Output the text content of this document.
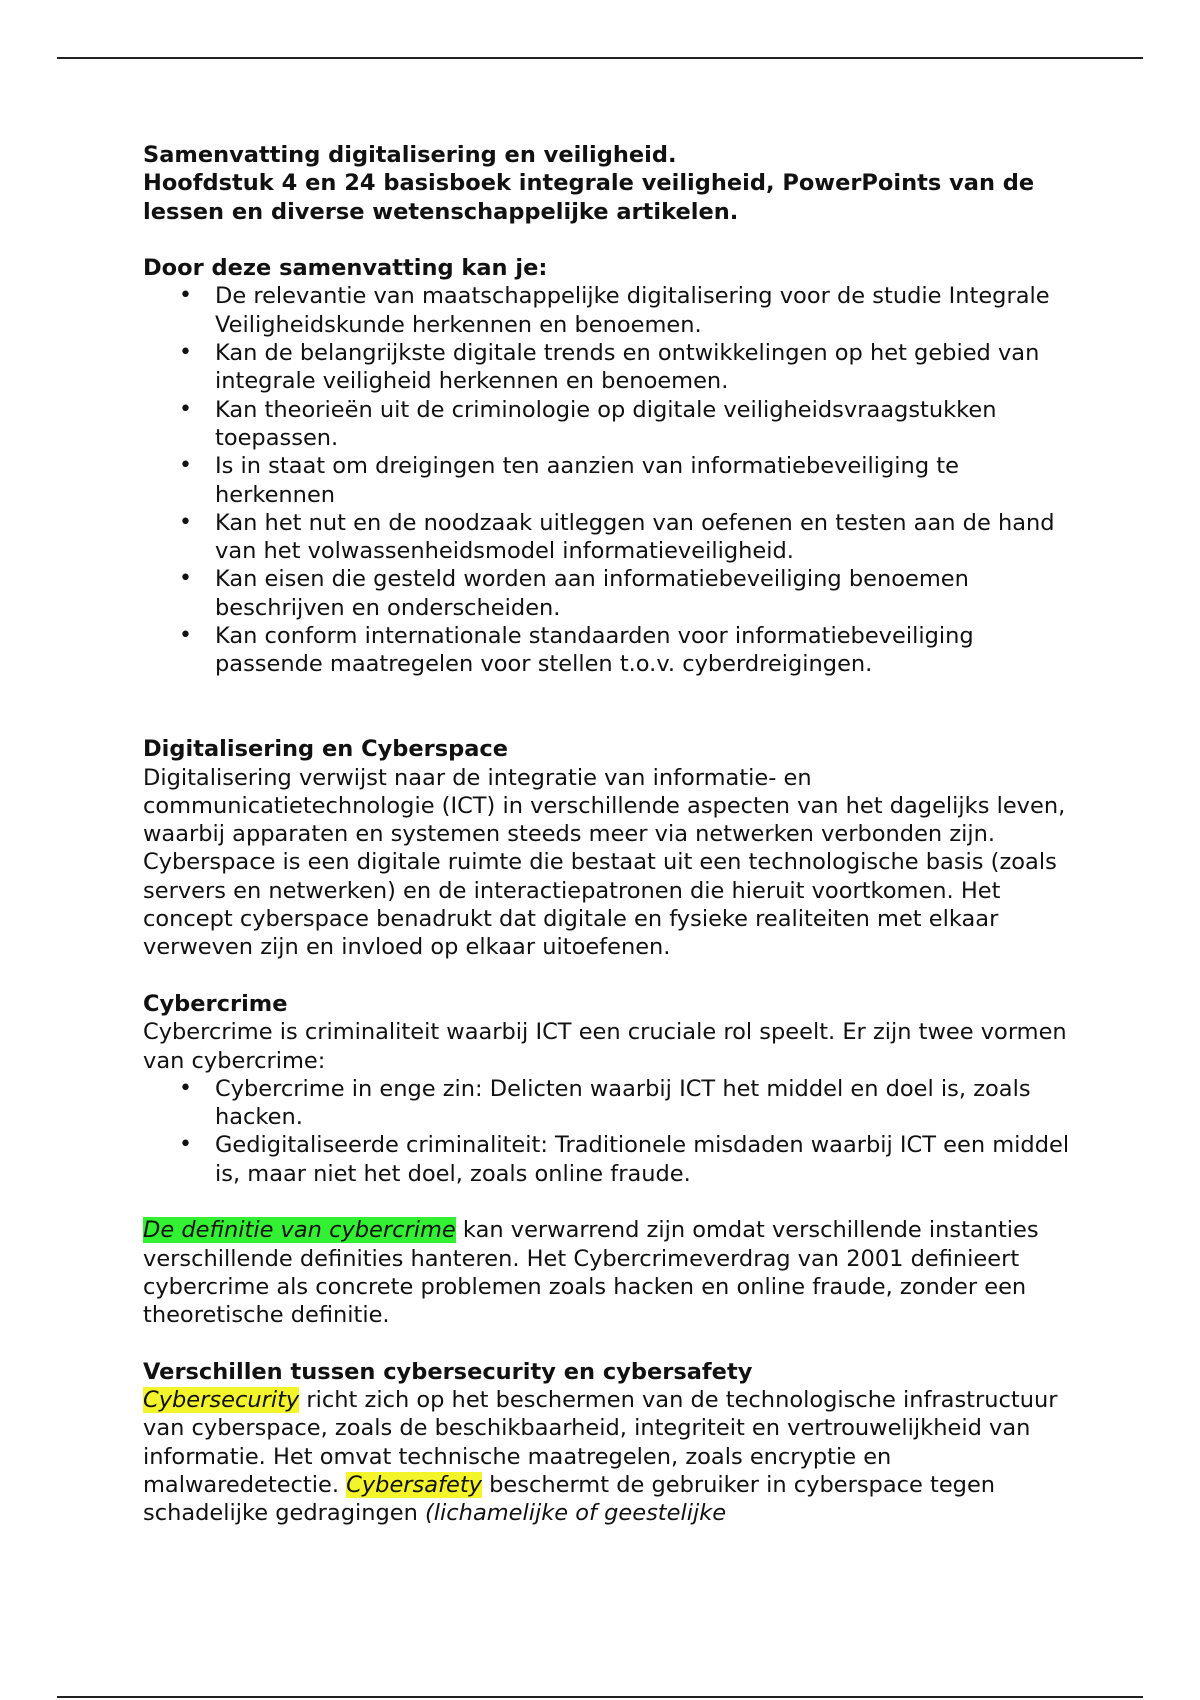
Samenvatting digitalisering en veiligheid.

Hoofdstuk 4 en 24 basisboek integrale veiligheid, PowerPoints van de lessen en diverse wetenschappelijke artikelen.

Door deze samenvatting kan je:

• De relevantie van maatschappelijke digitalisering voor de studie Integrale Veiligheidskunde herkennen en benoemen.
• Kan de belangrijkste digitale trends en ontwikkelingen op het gebied van integrale veiligheid herkennen en benoemen.
• Kan theorieën uit de criminologie op digitale veiligheidsvraagstukken toepassen.
• Is in staat om dreigingen ten aanzien van informatiebeveiliging te herkennen
• Kan het nut en de noodzaak uitleggen van oefenen en testen aan de hand van het volwassenheidsmodel informatieveiligheid.
• Kan eisen die gesteld worden aan informatiebeveiliging benoemen beschrijven en onderscheiden.
• Kan conform internationale standaarden voor informatiebeveiliging passende maatregelen voor stellen t.o.v. cyberdreigingen.

Digitalisering en Cyberspace

Digitalisering verwijst naar de integratie van informatie- en communicatietechnologie (ICT) in verschillende aspecten van het dagelijks leven, waarbij apparaten en systemen steeds meer via netwerken verbonden zijn. Cyberspace is een digitale ruimte die bestaat uit een technologische basis (zoals servers en netwerken) en de interactiepatronen die hieruit voortkomen. Het concept cyberspace benadrukt dat digitale en fysieke realiteiten met elkaar verweven zijn en invloed op elkaar uitoefenen.

Cybercrime

Cybercrime is criminaliteit waarbij ICT een cruciale rol speelt. Er zijn twee vormen van cybercrime:

• Cybercrime in enge zin: Delicten waarbij ICT het middel en doel is, zoals hacken.
• Gedigitaliseerde criminaliteit: Traditionele misdaden waarbij ICT een middel is, maar niet het doel, zoals online fraude.

De definitie van cybercrime kan verwarrend zijn omdat verschillende instanties verschillende definities hanteren. Het Cybercrimeverdrag van 2001 definieert cybercrime als concrete problemen zoals hacken en online fraude, zonder een theoretische definitie.

Verschillen tussen cybersecurity en cybersafety

Cybersecurity richt zich op het beschermen van de technologische infrastructuur van cyberspace, zoals de beschikbaarheid, integriteit en vertrouwelijkheid van informatie. Het omvat technische maatregelen, zoals encryptie en malwaredetectie. Cybersafety beschermt de gebruiker in cyberspace tegen schadelijke gedragingen (lichamelijke of geestelijke
